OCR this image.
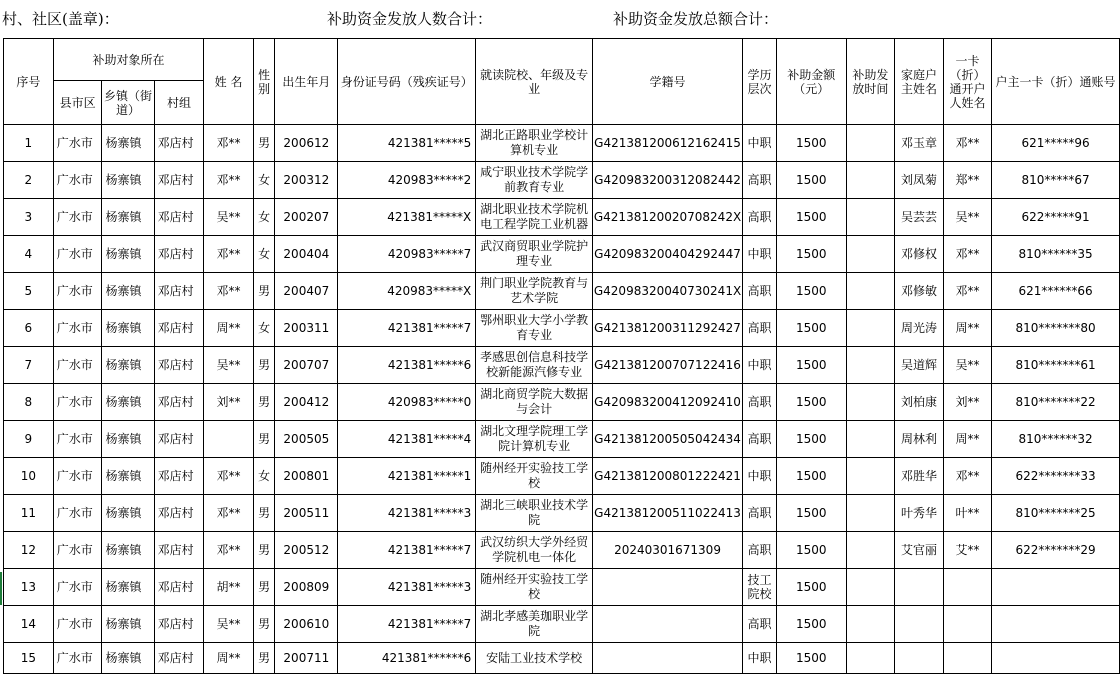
村、社区(盖章)：	补助资金发放人数合计：	补助资金发放总额合计：
序号	补助对象所在			姓 名	性别	出生年月	身份证号码（残疾证号）	就读院校、年级及专业	学籍号	学历层次	补助金额（元）	补助发放时间	家庭户主姓名	一卡（折）通开户人姓名	户主一卡（折）通账号
	县市区	乡镇（街道）	村组												
1	广水市	杨寨镇	邓店村	邓**	男	200612	421381*****5	湖北正路职业学校计算机专业	G421381200612162415	中职	1500		邓玉章	邓**	621*****96
2	广水市	杨寨镇	邓店村	邓**	女	200312	420983*****2	咸宁职业技术学院学前教育专业	G420983200312082442	高职	1500		刘凤菊	郑**	810*****67
3	广水市	杨寨镇	邓店村	吴**	女	200207	421381*****X	湖北职业技术学院机电工程学院工业机器	G42138120020708242X	高职	1500		吴芸芸	吴**	622*****91
4	广水市	杨寨镇	邓店村	邓**	女	200404	420983*****7	武汉商贸职业学院护理专业	G420983200404292447	中职	1500		邓修权	邓**	810******35
5	广水市	杨寨镇	邓店村	邓**	男	200407	420983*****X	荆门职业学院教育与艺术学院	G42098320040730241X	高职	1500		邓修敏	邓**	621******66
6	广水市	杨寨镇	邓店村	周**	女	200311	421381*****7	鄂州职业大学小学教育专业	G421381200311292427	高职	1500		周光涛	周**	810*******80
7	广水市	杨寨镇	邓店村	吴**	男	200707	421381*****6	孝感思创信息科技学校新能源汽修专业	G421381200707122416	中职	1500		吴道辉	吴**	810*******61
8	广水市	杨寨镇	邓店村	刘**	男	200412	420983*****0	湖北商贸学院大数据与会计	G420983200412092410	高职	1500		刘柏康	刘**	810*******22
9	广水市	杨寨镇	邓店村		男	200505	421381*****4	湖北文理学院理工学院计算机专业	G421381200505042434	高职	1500		周林利	周**	810******32
10	广水市	杨寨镇	邓店村	邓**	女	200801	421381*****1	随州经开实验技工学校	G421381200801222421	中职	1500		邓胜华	邓**	622*******33
11	广水市	杨寨镇	邓店村	邓**	男	200511	421381*****3	湖北三峡职业技术学院	G421381200511022413	高职	1500		叶秀华	叶**	810*******25
12	广水市	杨寨镇	邓店村	邓**	男	200512	421381*****7	武汉纺织大学外经贸学院机电一体化	20240301671309	高职	1500		艾官丽	艾**	622*******29
13	广水市	杨寨镇	邓店村	胡**	男	200809	421381*****3	随州经开实验技工学校		技工院校	1500				
14	广水市	杨寨镇	邓店村	吴**	男	200610	421381*****7	湖北孝感美珈职业学院		高职	1500				
15	广水市	杨寨镇	邓店村	周**	男	200711	421381******6	安陆工业技术学校		中职	1500				
